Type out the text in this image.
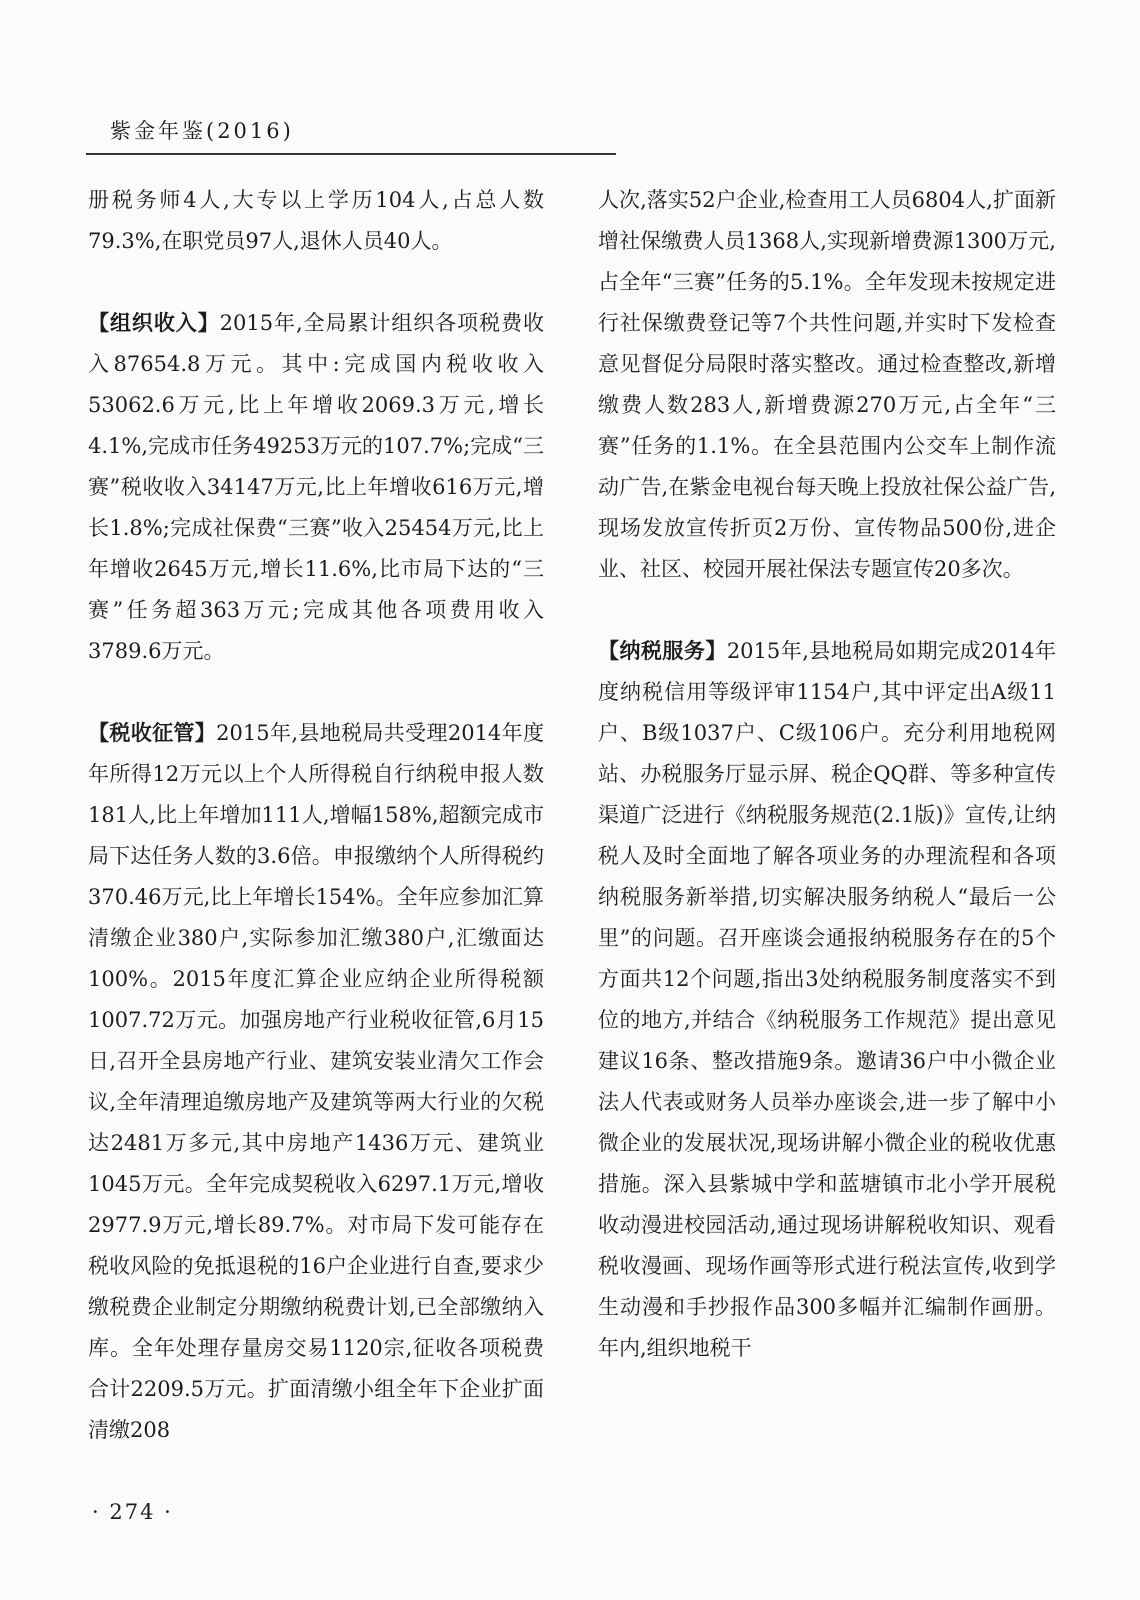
紫金年鉴(2016)

册税务师4人,大专以上学历104人,占总人数79.3%,在职党员97人,退休人员40人。

【组织收入】2015年,全局累计组织各项税费收入87654.8万元。其中:完成国内税收收入53062.6万元,比上年增收2069.3万元,增长4.1%,完成市任务49253万元的107.7%;完成“三赛”税收收入34147万元,比上年增收616万元,增长1.8%;完成社保费“三赛”收入25454万元,比上年增收2645万元,增长11.6%,比市局下达的“三赛”任务超363万元;完成其他各项费用收入3789.6万元。

【税收征管】2015年,县地税局共受理2014年度年所得12万元以上个人所得税自行纳税申报人数181人,比上年增加111人,增幅158%,超额完成市局下达任务人数的3.6倍。申报缴纳个人所得税约370.46万元,比上年增长154%。全年应参加汇算清缴企业380户,实际参加汇缴380户,汇缴面达100%。2015年度汇算企业应纳企业所得税额1007.72万元。加强房地产行业税收征管,6月15日,召开全县房地产行业、建筑安装业清欠工作会议,全年清理追缴房地产及建筑等两大行业的欠税达2481万多元,其中房地产1436万元、建筑业1045万元。全年完成契税收入6297.1万元,增收2977.9万元,增长89.7%。对市局下发可能存在税收风险的免抵退税的16户企业进行自查,要求少缴税费企业制定分期缴纳税费计划,已全部缴纳入库。全年处理存量房交易1120宗,征收各项税费合计2209.5万元。扩面清缴小组全年下企业扩面清缴208

人次,落实52户企业,检查用工人员6804人,扩面新增社保缴费人员1368人,实现新增费源1300万元,占全年“三赛”任务的5.1%。全年发现未按规定进行社保缴费登记等7个共性问题,并实时下发检查意见督促分局限时落实整改。通过检查整改,新增缴费人数283人,新增费源270万元,占全年“三赛”任务的1.1%。在全县范围内公交车上制作流动广告,在紫金电视台每天晚上投放社保公益广告,现场发放宣传折页2万份、宣传物品500份,进企业、社区、校园开展社保法专题宣传20多次。

【纳税服务】2015年,县地税局如期完成2014年度纳税信用等级评审1154户,其中评定出A级11户、B级1037户、C级106户。充分利用地税网站、办税服务厅显示屏、税企QQ群、等多种宣传渠道广泛进行《纳税服务规范(2.1版)》宣传,让纳税人及时全面地了解各项业务的办理流程和各项纳税服务新举措,切实解决服务纳税人“最后一公里”的问题。召开座谈会通报纳税服务存在的5个方面共12个问题,指出3处纳税服务制度落实不到位的地方,并结合《纳税服务工作规范》提出意见建议16条、整改措施9条。邀请36户中小微企业法人代表或财务人员举办座谈会,进一步了解中小微企业的发展状况,现场讲解小微企业的税收优惠措施。深入县紫城中学和蓝塘镇市北小学开展税收动漫进校园活动,通过现场讲解税收知识、观看税收漫画、现场作画等形式进行税法宣传,收到学生动漫和手抄报作品300多幅并汇编制作画册。年内,组织地税干

· 274 ·
